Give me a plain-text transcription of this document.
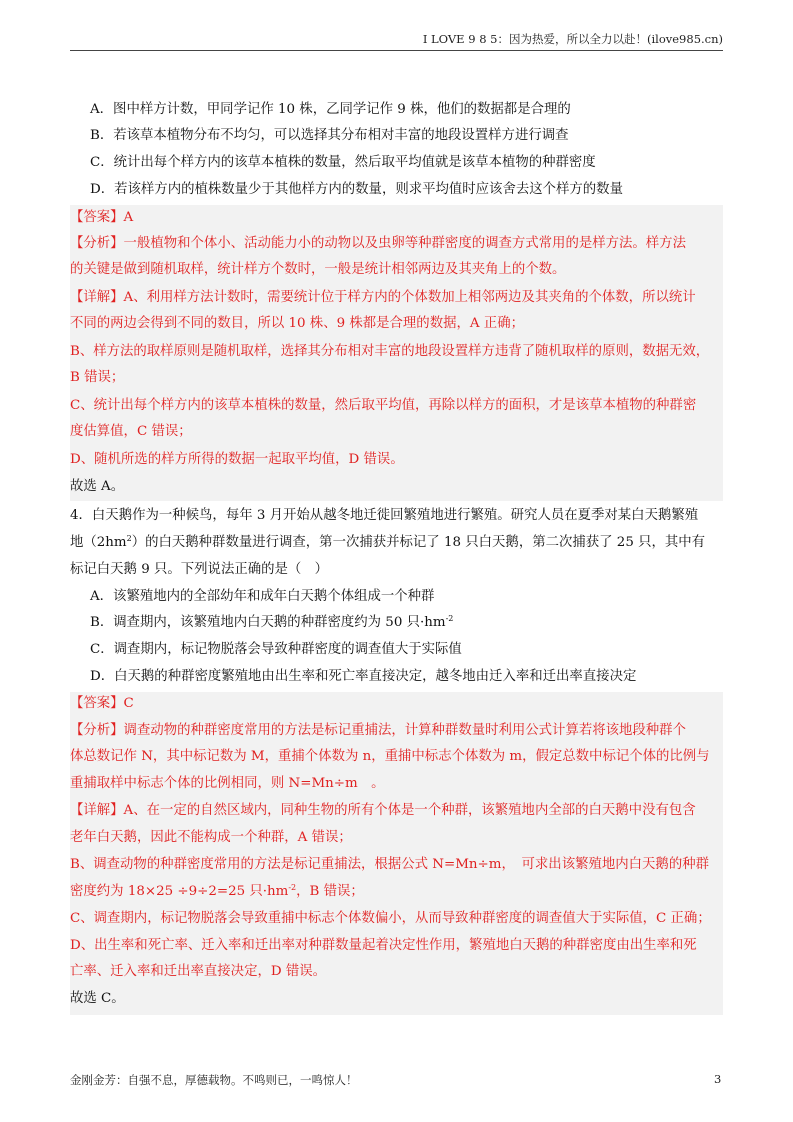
I LOVE 9 8 5：因为热爱，所以全力以赴！(ilove985.cn)
A．图中样方计数，甲同学记作 10 株，乙同学记作 9 株，他们的数据都是合理的
B．若该草本植物分布不均匀，可以选择其分布相对丰富的地段设置样方进行调查
C．统计出每个样方内的该草本植株的数量，然后取平均值就是该草本植物的种群密度
D．若该样方内的植株数量少于其他样方内的数量，则求平均值时应该舍去这个样方的数量
【答案】A
【分析】一般植物和个体小、活动能力小的动物以及虫卵等种群密度的调查方式常用的是样方法。样方法
的关键是做到随机取样，统计样方个数时，一般是统计相邻两边及其夹角上的个数。
【详解】A、利用样方法计数时，需要统计位于样方内的个体数加上相邻两边及其夹角的个体数，所以统计
不同的两边会得到不同的数目，所以 10 株、9 株都是合理的数据，A 正确；
B、样方法的取样原则是随机取样，选择其分布相对丰富的地段设置样方违背了随机取样的原则，数据无效，
B 错误；
C、统计出每个样方内的该草本植株的数量，然后取平均值，再除以样方的面积，才是该草本植物的种群密
度估算值，C 错误；
D、随机所选的样方所得的数据一起取平均值，D 错误。
故选 A。
4．白天鹅作为一种候鸟，每年 3 月开始从越冬地迁徙回繁殖地进行繁殖。研究人员在夏季对某白天鹅繁殖
地$(2hm^2)$的白天鹅种群数量进行调查，第一次捕获并标记了 18 只白天鹅，第二次捕获了 25 只，其中有
标记白天鹅 9 只。下列说法正确的是（　）
A．该繁殖地内的全部幼年和成年白天鹅个体组成一个种群
B．调查期内，该繁殖地内白天鹅的种群密度约为 50 只$\cdot hm^{-2}$
C．调查期内，标记物脱落会导致种群密度的调查值大于实际值
D．白天鹅的种群密度繁殖地由出生率和死亡率直接决定，越冬地由迁入率和迁出率直接决定
【答案】C
【分析】调查动物的种群密度常用的方法是标记重捕法，计算种群数量时利用公式计算若将该地段种群个
体总数记作 N，其中标记数为 M，重捕个体数为 n，重捕中标志个体数为 m，假定总数中标记个体的比例与
重捕取样中标志个体的比例相同，则 N=Mn÷m　。
【详解】A、在一定的自然区域内，同种生物的所有个体是一个种群，该繁殖地内全部的白天鹅中没有包含
老年白天鹅，因此不能构成一个种群，A 错误；
B、调查动物的种群密度常用的方法是标记重捕法，根据公式 N=Mn÷m，　可求出该繁殖地内白天鹅的种群
密度约为 18×25 ÷9÷2=25 只$\cdot hm^{-2}$，B 错误；
C、调查期内，标记物脱落会导致重捕中标志个体数偏小，从而导致种群密度的调查值大于实际值，C 正确；
D、出生率和死亡率、迁入率和迁出率对种群数量起着决定性作用，繁殖地白天鹅的种群密度由出生率和死
亡率、迁入率和迁出率直接决定，D 错误。
故选 C。
金刚金芳：自强不息，厚德载物。不鸣则已，一鸣惊人！	3
